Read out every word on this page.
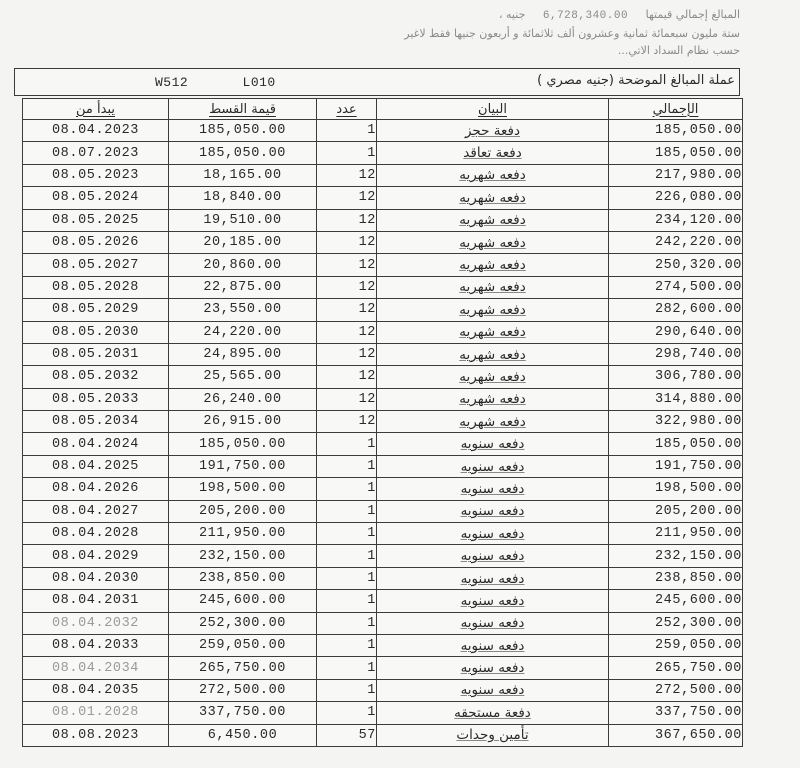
المبالغ إجمالي قيمتها 6,728,340.00 جنيه ،
ستة مليون سبعمائة ثمانية وعشرون ألف ثلاثمائة و أربعون جنيها فقط لاغير
حسب نظام السداد الاتي...
W512	L010	عملة المبالغ الموضحة (جنيه مصري )
يبدأ من	قيمة القسط	عدد	البيان	الإجمالي
08.04.2023	185,050.00	1	دفعة حجز	185,050.00
08.07.2023	185,050.00	1	دفعة تعاقد	185,050.00
08.05.2023	18,165.00	12	دفعه شهريه	217,980.00
08.05.2024	18,840.00	12	دفعه شهريه	226,080.00
08.05.2025	19,510.00	12	دفعه شهريه	234,120.00
08.05.2026	20,185.00	12	دفعه شهريه	242,220.00
08.05.2027	20,860.00	12	دفعه شهريه	250,320.00
08.05.2028	22,875.00	12	دفعه شهريه	274,500.00
08.05.2029	23,550.00	12	دفعه شهريه	282,600.00
08.05.2030	24,220.00	12	دفعه شهريه	290,640.00
08.05.2031	24,895.00	12	دفعه شهريه	298,740.00
08.05.2032	25,565.00	12	دفعه شهريه	306,780.00
08.05.2033	26,240.00	12	دفعه شهريه	314,880.00
08.05.2034	26,915.00	12	دفعه شهريه	322,980.00
08.04.2024	185,050.00	1	دفعه سنويه	185,050.00
08.04.2025	191,750.00	1	دفعه سنويه	191,750.00
08.04.2026	198,500.00	1	دفعه سنويه	198,500.00
08.04.2027	205,200.00	1	دفعه سنويه	205,200.00
08.04.2028	211,950.00	1	دفعه سنويه	211,950.00
08.04.2029	232,150.00	1	دفعه سنويه	232,150.00
08.04.2030	238,850.00	1	دفعه سنويه	238,850.00
08.04.2031	245,600.00	1	دفعه سنويه	245,600.00
08.04.2032	252,300.00	1	دفعه سنويه	252,300.00
08.04.2033	259,050.00	1	دفعه سنويه	259,050.00
08.04.2034	265,750.00	1	دفعه سنويه	265,750.00
08.04.2035	272,500.00	1	دفعه سنويه	272,500.00
08.01.2028	337,750.00	1	دفعة مستحقه	337,750.00
08.08.2023	6,450.00	57	تأمين وحدات	367,650.00
